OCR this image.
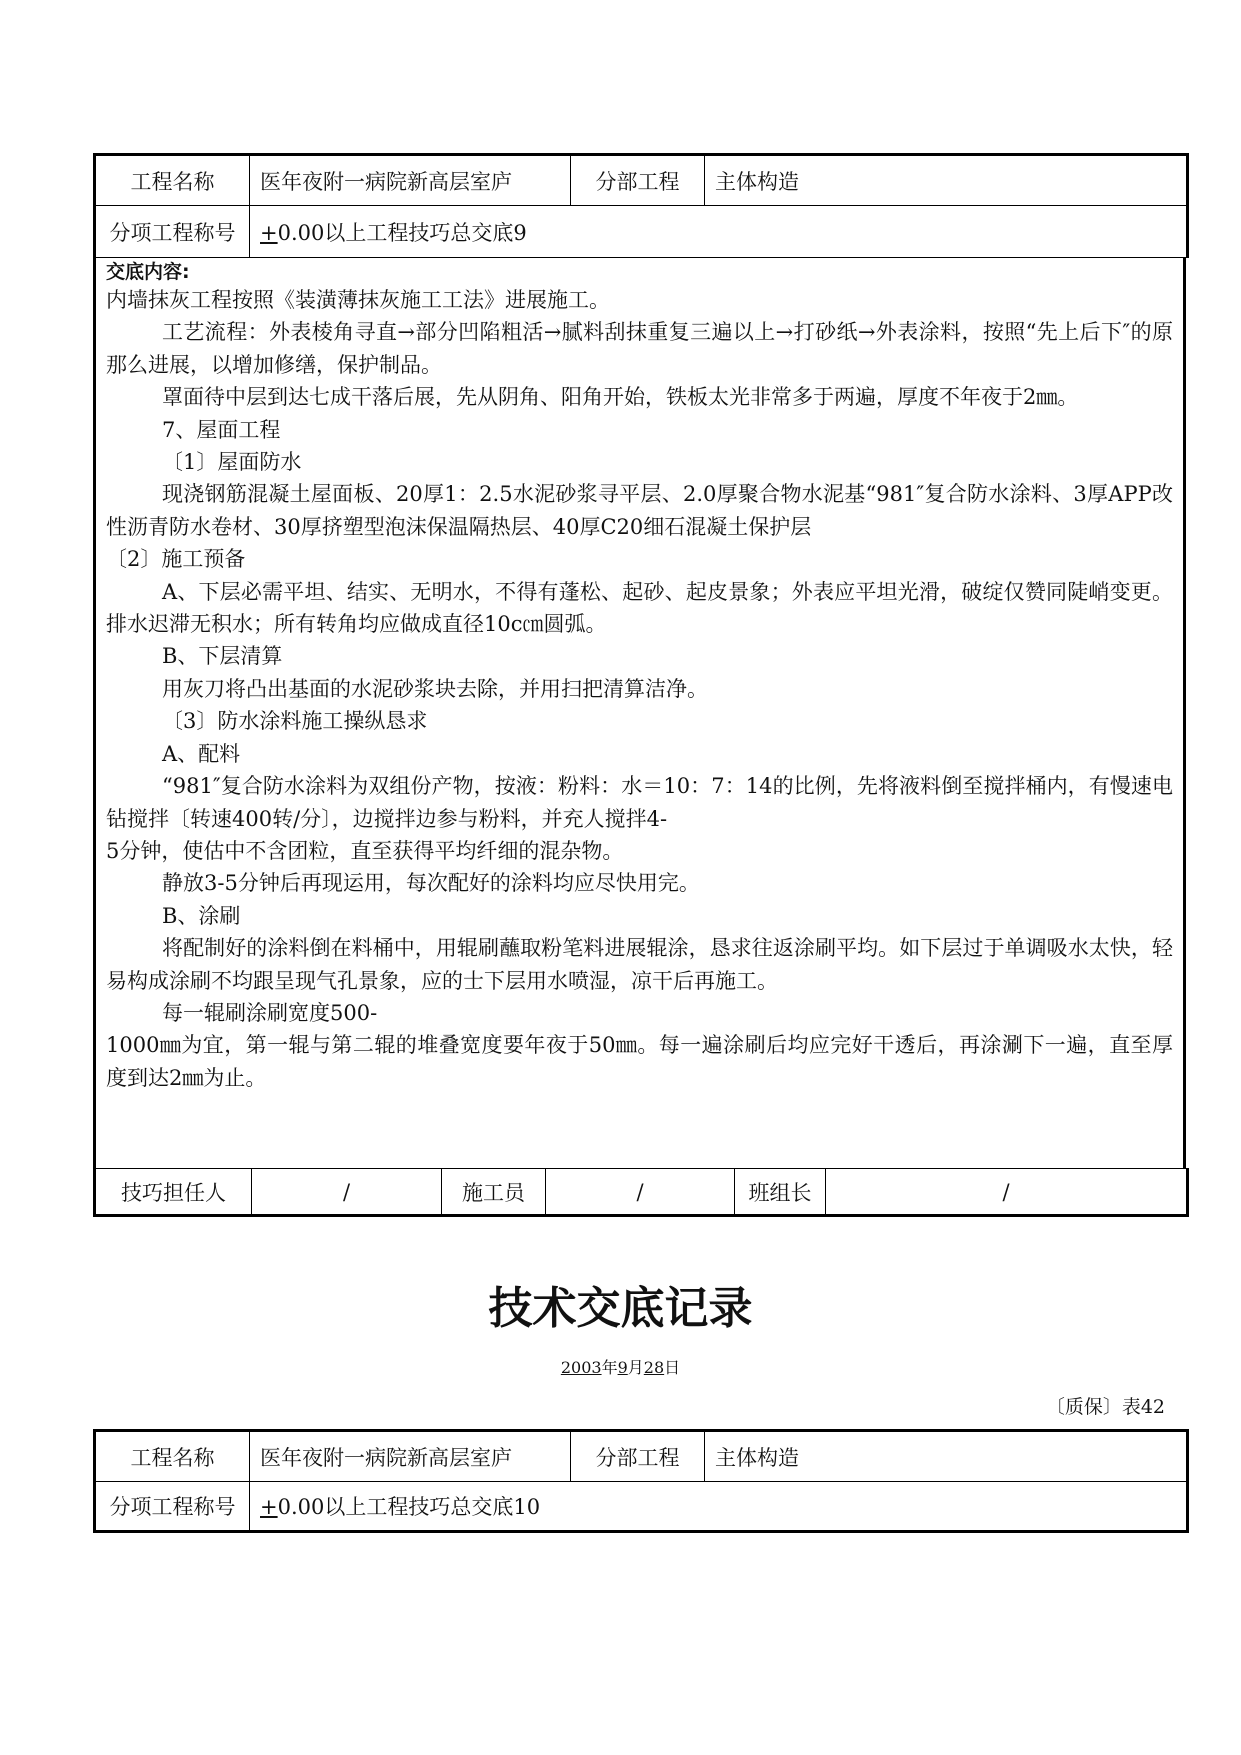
工程名称	医年夜附一病院新高层室庐	分部工程	主体构造
分项工程称号	+0.00以上工程技巧总交底9		
交底内容:

内墙抹灰工程按照《装潢薄抹灰施工工法》进展施工。

工艺流程：外表棱角寻直→部分凹陷粗活→腻料刮抹重复三遍以上→打砂纸→外表涂料，按照“先上后下″的原那么进展，以增加修缮，保护制品。

罩面待中层到达七成干落后展，先从阴角、阳角开始，铁板太光非常多于两遍，厚度不年夜于2㎜。

7、屋面工程

〔1〕屋面防水

现浇钢筋混凝土屋面板、20厚1：2.5水泥砂浆寻平层、2.0厚聚合物水泥基“981″复合防水涂料、3厚APP改性沥青防水卷材、30厚挤塑型泡沫保温隔热层、40厚C20细石混凝土保护层

〔2〕施工预备

A、下层必需平坦、结实、无明水，不得有蓬松、起砂、起皮景象；外表应平坦光滑，破绽仅赞同陡峭变更。排水迟滞无积水；所有转角均应做成直径10c㎝圆弧。

B、下层清算

用灰刀将凸出基面的水泥砂浆块去除，并用扫把清算洁净。

〔3〕防水涂料施工操纵恳求

A、配料

“981″复合防水涂料为双组份产物，按液：粉料：水＝10：7：14的比例，先将液料倒至搅拌桶内，有慢速电钻搅拌〔转速400转/分〕，边搅拌边参与粉料，并充人搅拌4-

5分钟，使估中不含团粒，直至获得平均纤细的混杂物。

静放3-5分钟后再现运用，每次配好的涂料均应尽快用完。

B、涂刷

将配制好的涂料倒在料桶中，用辊刷蘸取粉笔料进展辊涂，恳求往返涂刷平均。如下层过于单调吸水太快，轻易构成涂刷不均跟呈现气孔景象，应的士下层用水喷湿，凉干后再施工。

每一辊刷涂刷宽度500-

1000㎜为宜，第一辊与第二辊的堆叠宽度要年夜于50㎜。每一遍涂刷后均应完好干透后，再涂涮下一遍，直至厚度到达2㎜为止。

技巧担任人	/	施工员	/	班组长	/
技术交底记录
2003年9月28日
〔质保〕表42
工程名称	医年夜附一病院新高层室庐	分部工程	主体构造
分项工程称号	+0.00以上工程技巧总交底10		
